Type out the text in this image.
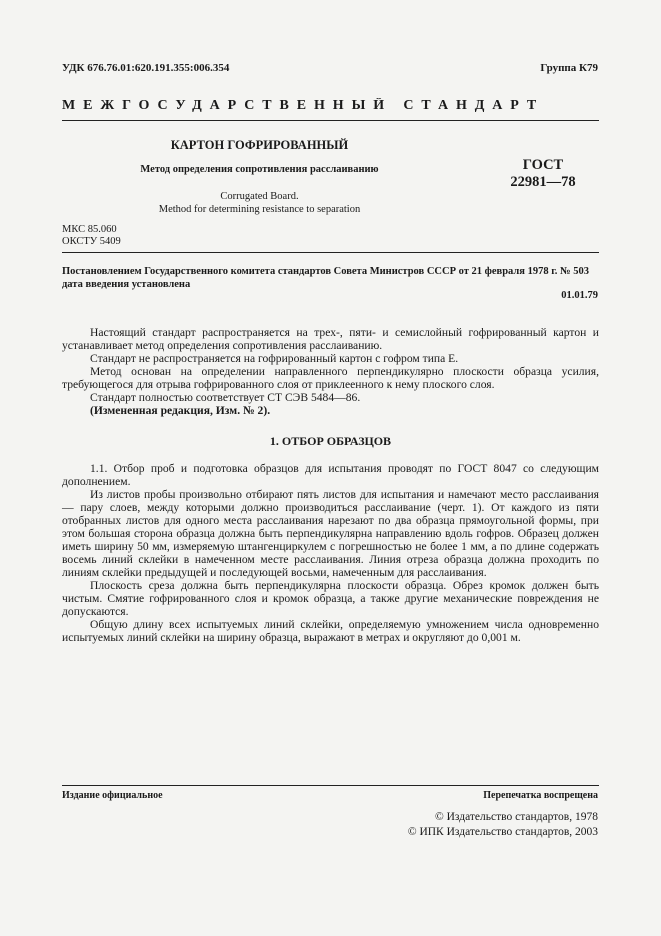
УДК 676.76.01:620.191.355:006.354	Группа К79
МЕЖГОСУДАРСТВЕННЫЙ СТАНДАРТ
КАРТОН ГОФРИРОВАННЫЙ
Метод определения сопротивления расслаиванию
Corrugated Board.
Method for determining resistance to separation
ГОСТ
22981—78
МКС 85.060
ОКСТУ 5409
Постановлением Государственного комитета стандартов Совета Министров СССР от 21 февраля 1978 г. № 503
дата введения установлена
01.01.79

Настоящий стандарт распространяется на трех-, пяти- и семислойный гофрированный картон и устанавливает метод определения сопротивления расслаиванию.

Стандарт не распространяется на гофрированный картон с гофром типа Е.

Метод основан на определении направленного перпендикулярно плоскости образца усилия, требующегося для отрыва гофрированного слоя от приклеенного к нему плоского слоя.

Стандарт полностью соответствует СТ СЭВ 5484—86.

(Измененная редакция, Изм. № 2).

1. ОТБОР ОБРАЗЦОВ

1.1. Отбор проб и подготовка образцов для испытания проводят по ГОСТ 8047 со следующим дополнением.

Из листов пробы произвольно отбирают пять листов для испытания и намечают место расслаивания — пару слоев, между которыми должно производиться расслаивание (черт. 1). От каждого из пяти отобранных листов для одного места расслаивания нарезают по два образца прямоугольной формы, при этом большая сторона образца должна быть перпендикулярна направлению вдоль гофров. Образец должен иметь ширину 50 мм, измеряемую штангенциркулем с погрешностью не более 1 мм, а по длине содержать восемь линий склейки в намеченном месте расслаивания. Линия отреза образца должна проходить по линиям склейки предыдущей и последующей восьми, намеченным для расслаивания.

Плоскость среза должна быть перпендикулярна плоскости образца. Обрез кромок должен быть чистым. Смятие гофрированного слоя и кромок образца, а также другие механические повреждения не допускаются.

Общую длину всех испытуемых линий склейки, определяемую умножением числа одновременно испытуемых линий склейки на ширину образца, выражают в метрах и округляют до 0,001 м.

Издание официальное	Перепечатка воспрещена
© Издательство стандартов, 1978
© ИПК Издательство стандартов, 2003
